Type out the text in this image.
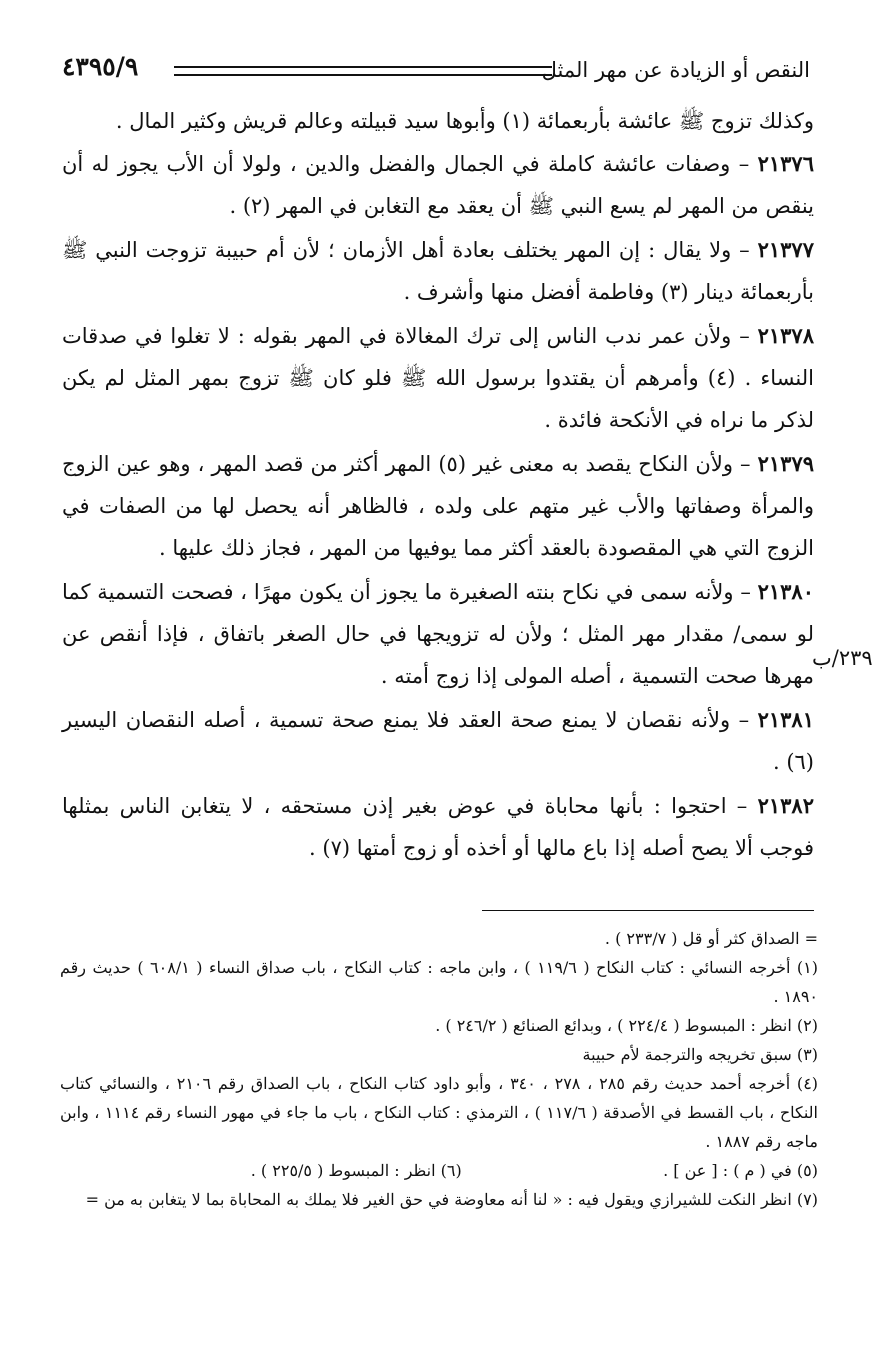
٤٣٩٥/٩	النقص أو الزيادة عن مهر المثل

وكذلك تزوج ﷺ عائشة بأربعمائة (١) وأبوها سيد قبيلته وعالم قريش وكثير المال .

٢١٣٧٦ – وصفات عائشة كاملة في الجمال والفضل والدين ، ولولا أن الأب يجوز له أن ينقص من المهر لم يسع النبي ﷺ أن يعقد مع التغابن في المهر (٢) .

٢١٣٧٧ – ولا يقال : إن المهر يختلف بعادة أهل الأزمان ؛ لأن أم حبيبة تزوجت النبي ﷺ بأربعمائة دينار (٣) وفاطمة أفضل منها وأشرف .

٢١٣٧٨ – ولأن عمر ندب الناس إلى ترك المغالاة في المهر بقوله : لا تغلوا في صدقات النساء . (٤) وأمرهم أن يقتدوا برسول الله ﷺ فلو كان ﷺ تزوج بمهر المثل لم يكن لذكر ما نراه في الأنكحة فائدة .

٢١٣٧٩ – ولأن النكاح يقصد به معنى غير (٥) المهر أكثر من قصد المهر ، وهو عين الزوج والمرأة وصفاتها والأب غير متهم على ولده ، فالظاهر أنه يحصل لها من الصفات في الزوج التي هي المقصودة بالعقد أكثر مما يوفيها من المهر ، فجاز ذلك عليها .

٢١٣٨٠ – ولأنه سمى في نكاح بنته الصغيرة ما يجوز أن يكون مهرًا ، فصحت التسمية كما لو سمى/ مقدار مهر المثل ؛ ولأن له تزويجها في حال الصغر باتفاق ، فإذا أنقص عن مهرها صحت التسمية ، أصله المولى إذا زوج أمته .

٢١٣٨١ – ولأنه نقصان لا يمنع صحة العقد فلا يمنع صحة تسمية ، أصله النقصان اليسير (٦) .

٢١٣٨٢ – احتجوا : بأنها محاباة في عوض بغير إذن مستحقه ، لا يتغابن الناس بمثلها فوجب ألا يصح أصله إذا باع مالها أو أخذه أو زوج أمتها (٧) .

٢٣٩/ب

= الصداق كثر أو قل ( ٢٣٣/٧ ) .

(١) أخرجه النسائي : كتاب النكاح ( ١١٩/٦ ) ، وابن ماجه : كتاب النكاح ، باب صداق النساء ( ٦٠٨/١ ) حديث رقم ١٨٩٠ .

(٢) انظر : المبسوط ( ٢٢٤/٤ ) ، وبدائع الصنائع ( ٢٤٦/٢ ) .

(٣) سبق تخريجه والترجمة لأم حبيبة

(٤) أخرجه أحمد حديث رقم ٢٨٥ ، ٢٧٨ ، ٣٤٠ ، وأبو داود كتاب النكاح ، باب الصداق رقم ٢١٠٦ ، والنسائي كتاب النكاح ، باب القسط في الأصدقة ( ١١٧/٦ ) ، الترمذي : كتاب النكاح ، باب ما جاء في مهور النساء رقم ١١١٤ ، وابن ماجه رقم ١٨٨٧ .

(٥) في ( م ) : [ عن ] .
(٦) انظر : المبسوط ( ٢٢٥/٥ ) .

(٧) انظر النكت للشيرازي ويقول فيه : « لنا أنه معاوضة في حق الغير فلا يملك به المحاباة بما لا يتغابن به من =
